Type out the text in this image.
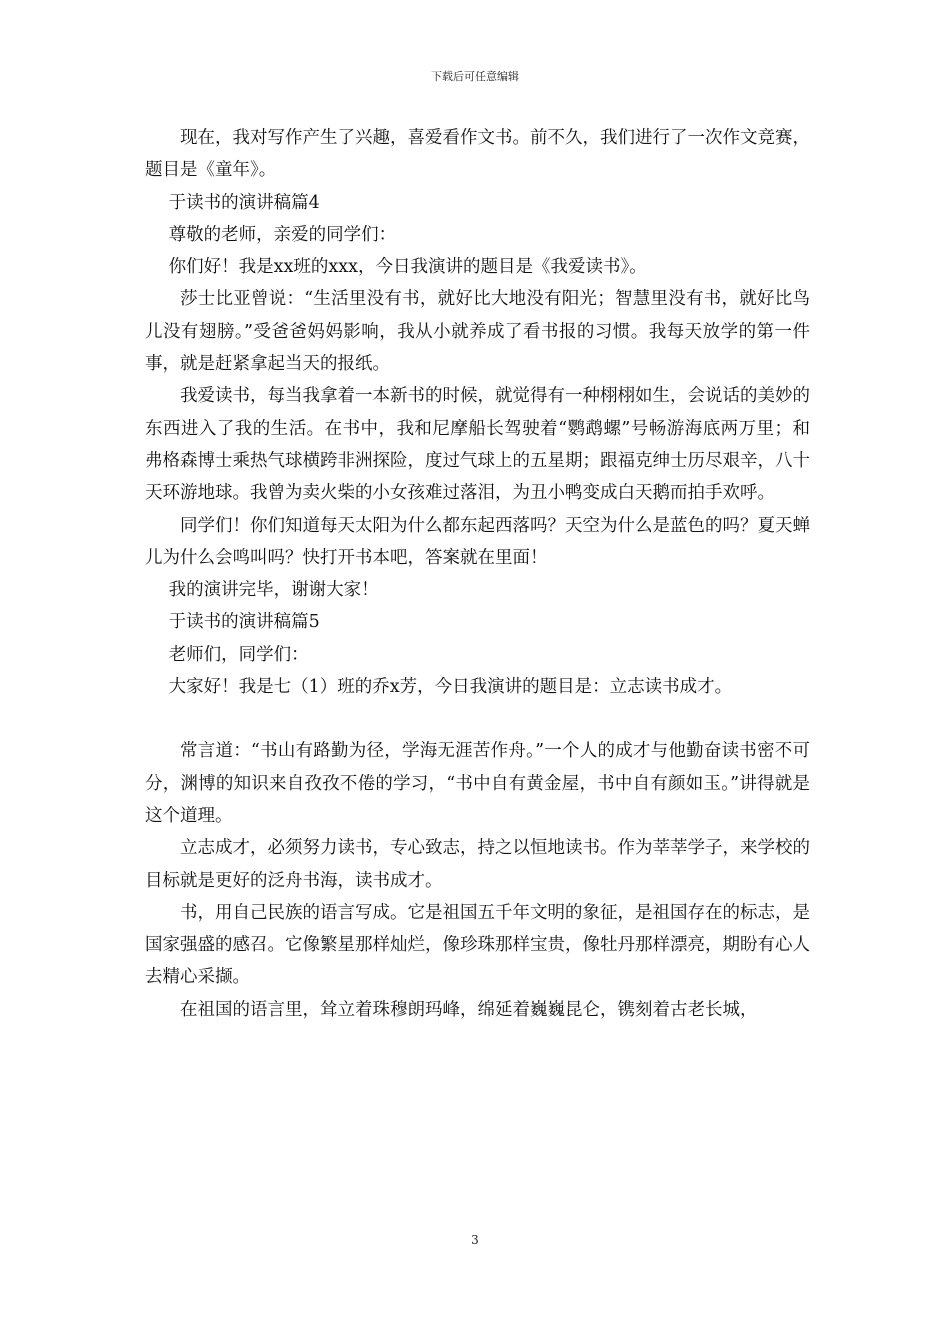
下载后可任意编辑

现在，我对写作产生了兴趣，喜爱看作文书。前不久，我们进行了一次作文竞赛，题目是《童年》。

于读书的演讲稿篇4

尊敬的老师，亲爱的同学们：

你们好！我是xx班的xxx，今日我演讲的题目是《我爱读书》。

莎士比亚曾说：“生活里没有书，就好比大地没有阳光；智慧里没有书，就好比鸟儿没有翅膀。”受爸爸妈妈影响，我从小就养成了看书报的习惯。我每天放学的第一件事，就是赶紧拿起当天的报纸。

我爱读书，每当我拿着一本新书的时候，就觉得有一种栩栩如生，会说话的美妙的东西进入了我的生活。在书中，我和尼摩船长驾驶着“鹦鹉螺”号畅游海底两万里；和弗格森博士乘热气球横跨非洲探险，度过气球上的五星期；跟福克绅士历尽艰辛，八十天环游地球。我曾为卖火柴的小女孩难过落泪，为丑小鸭变成白天鹅而拍手欢呼。

同学们！你们知道每天太阳为什么都东起西落吗？天空为什么是蓝色的吗？夏天蝉儿为什么会鸣叫吗？快打开书本吧，答案就在里面！

我的演讲完毕，谢谢大家！

于读书的演讲稿篇5

老师们，同学们：

大家好！我是七（1）班的乔x芳，今日我演讲的题目是：立志读书成才。

常言道：“书山有路勤为径，学海无涯苦作舟。”一个人的成才与他勤奋读书密不可分，渊博的知识来自孜孜不倦的学习，“书中自有黄金屋，书中自有颜如玉。”讲得就是这个道理。

立志成才，必须努力读书，专心致志，持之以恒地读书。作为莘莘学子，来学校的目标就是更好的泛舟书海，读书成才。

书，用自己民族的语言写成。它是祖国五千年文明的象征，是祖国存在的标志，是国家强盛的感召。它像繁星那样灿烂，像珍珠那样宝贵，像牡丹那样漂亮，期盼有心人去精心采撷。

在祖国的语言里，耸立着珠穆朗玛峰，绵延着巍巍昆仑，镌刻着古老长城，

3
